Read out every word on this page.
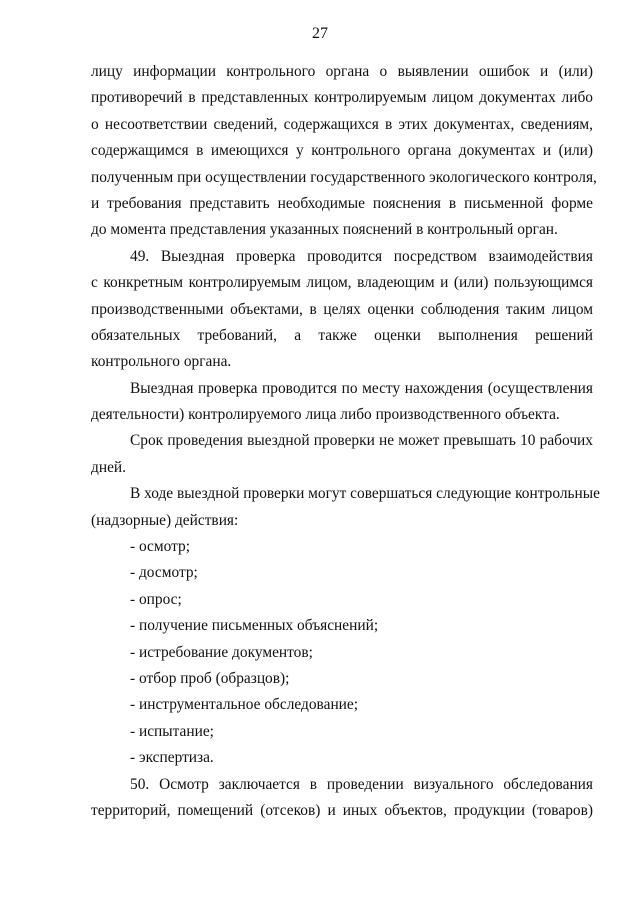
27
лицу информации контрольного органа о выявлении ошибок и (или)
противоречий в представленных контролируемым лицом документах либо
о несоответствии сведений, содержащихся в этих документах, сведениям,
содержащимся в имеющихся у контрольного органа документах и (или)
полученным при осуществлении государственного экологического контроля,
и требования представить необходимые пояснения в письменной форме
до момента представления указанных пояснений в контрольный орган.
49. Выездная проверка проводится посредством взаимодействия
с конкретным контролируемым лицом, владеющим и (или) пользующимся
производственными объектами, в целях оценки соблюдения таким лицом
обязательных требований, а также оценки выполнения решений
контрольного органа.
Выездная проверка проводится по месту нахождения (осуществления
деятельности) контролируемого лица либо производственного объекта.
Срок проведения выездной проверки не может превышать 10 рабочих
дней.
В ходе выездной проверки могут совершаться следующие контрольные
(надзорные) действия:
- осмотр;
- досмотр;
- опрос;
- получение письменных объяснений;
- истребование документов;
- отбор проб (образцов);
- инструментальное обследование;
- испытание;
- экспертиза.
50. Осмотр заключается в проведении визуального обследования
территорий, помещений (отсеков) и иных объектов, продукции (товаров)
